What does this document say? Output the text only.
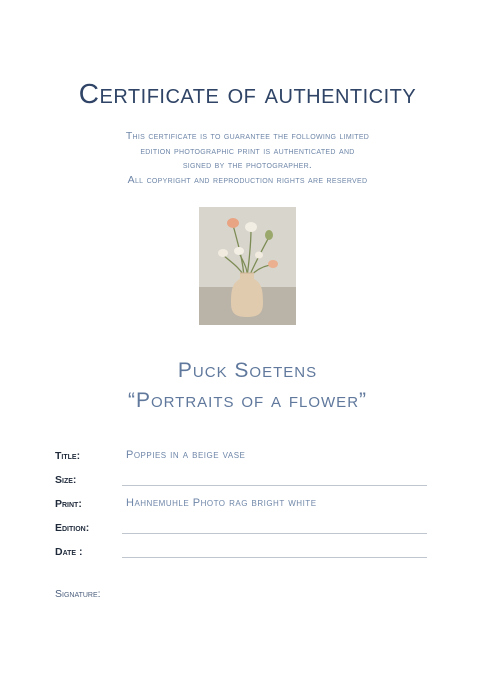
Certificate of authenticity
This certificate is to guarantee the following limited
edition photographic print is authenticated and
signed by the photographer.
All copyright and reproduction rights are reserved
Puck Soetens
“Portraits of a flower”
Title:	Poppies in a beige vase
Size:
Print:	Hahnemuhle Photo rag bright white
Edition:
Date :
Signature:
